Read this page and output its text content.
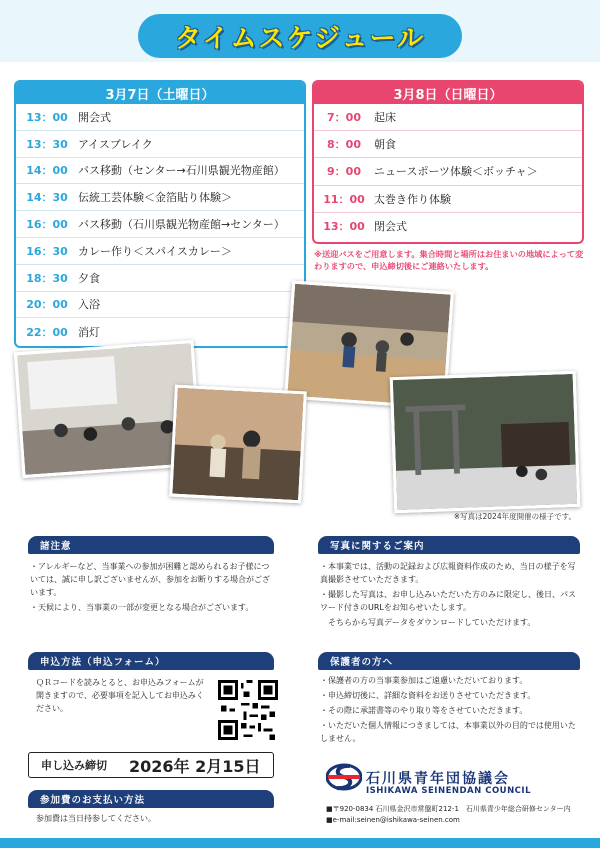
タイムスケジュール
3月7日（土曜日）
13：00 開会式
13：30 アイスブレイク
14：00 バス移動（センター→石川県観光物産館）
14：30 伝統工芸体験＜金箔貼り体験＞
16：00 バス移動（石川県観光物産館→センター）
16：30 カレー作り＜スパイスカレー＞
18：30 夕食
20：00 入浴
22：00 消灯
3月8日（日曜日）
7：00	起床
8：00	朝食
9：00	ニュースポーツ体験＜ボッチャ＞
11：00 太巻き作り体験
13：00 閉会式
※送迎バスをご用意します。集合時間と場所はお住まいの地域によって変わりますので、申込締切後にご連絡いたします。
※写真は2024年度開催の様子です。
諸注意

・アレルギーなど、当事業への参加が困難と認められるお子様については、誠に申し訳ございませんが、参加をお断りする場合がございます。

・天候により、当事業の一部が変更となる場合がございます。

写真に関するご案内

・本事業では、活動の記録および広報資料作成のため、当日の様子を写真撮影させていただきます。

・撮影した写真は、お申し込みいただいた方のみに限定し、後日、パスワード付きのURLをお知らせいたします。

そちらから写真データをダウンロードしていただけます。

申込方法（申込フォーム）
ＱＲコードを読みとると、お申込みフォームが開きますので、必要事項を記入してお申込みください。
保護者の方へ

・保護者の方の当事業参加はご遠慮いただいております。

・申込締切後に、詳細な資料をお送りさせていただきます。

・その際に承諾書等のやり取り等をさせていただきます。

・いただいた個人情報につきましては、本事業以外の目的では使用いたしません。

申し込み締切 2026年 2月15日
参加費のお支払い方法
参加費は当日持参してください。
石川県青年団協議会
ISHIKAWA SEINENDAN COUNCIL
■〒920-0834 石川県金沢市常盤町212-1　石川県青少年総合研修センター内
■e-mail:seinen@ishikawa-seinen.com
